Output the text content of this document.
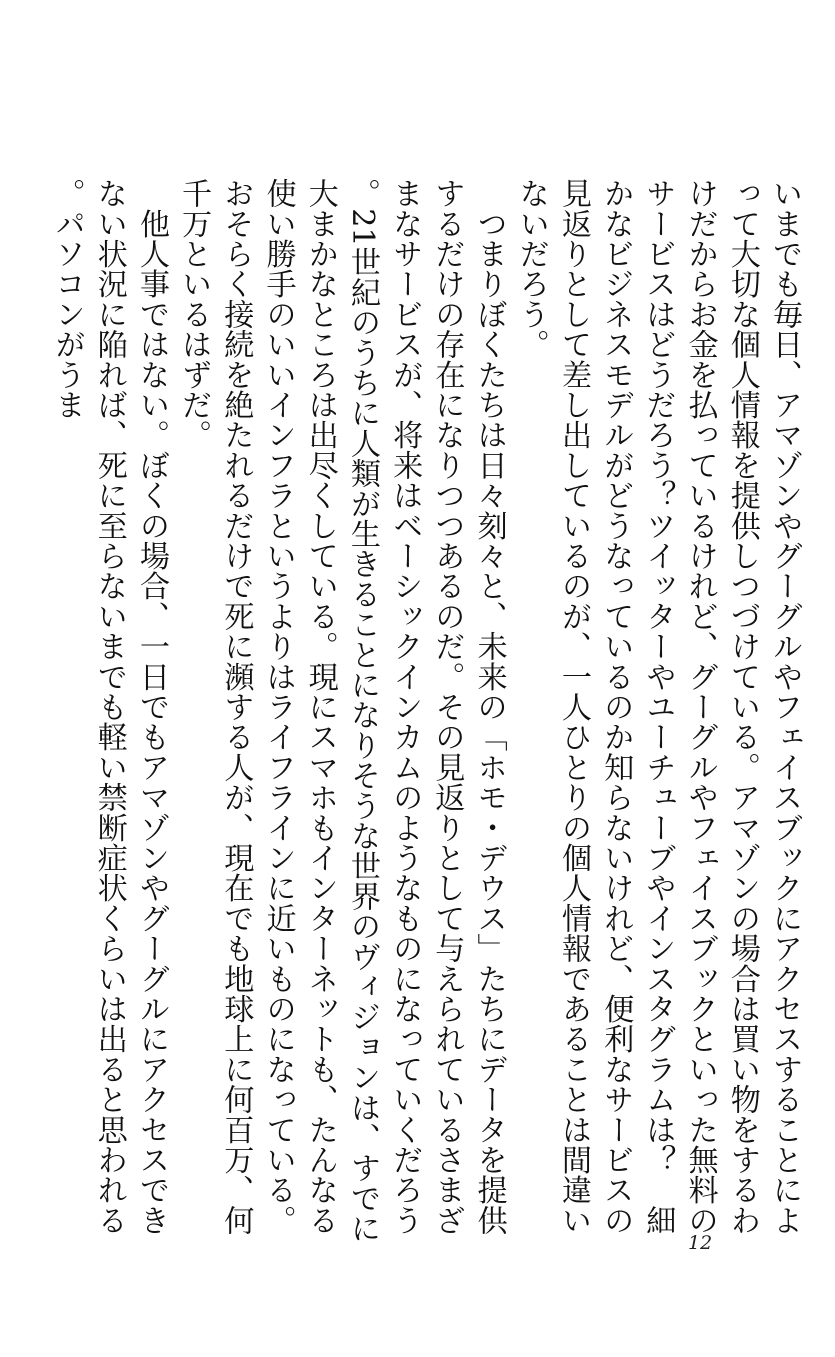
いまでも毎日、アマゾンやグーグルやフェイスブックにアクセスすることによって大切な個人情報を提供しつづけている。アマゾンの場合は買い物をするわけだからお金を払っているけれど、グーグルやフェイスブックといった無料のサービスはどうだろう？ツイッターやユーチューブやインスタグラムは？　細かなビジネスモデルがどうなっているのか知らないけれど、便利なサービスの見返りとして差し出しているのが、一人ひとりの個人情報であることは間違いないだろう。

　つまりぼくたちは日々刻々と、未来の「ホモ・デウス」たちにデータを提供するだけの存在になりつつあるのだ。その見返りとして与えられているさまざまなサービスが、将来はベーシックインカムのようなものになっていくだろう。21世紀のうちに人類が生きることになりそうな世界のヴィジョンは、すでに大まかなところは出尽くしている。現にスマホもインターネットも、たんなる使い勝手のいいインフラというよりはライフラインに近いものになっている。おそらく接続を絶たれるだけで死に瀕する人が、現在でも地球上に何百万、何千万といるはずだ。

　他人事ではない。ぼくの場合、一日でもアマゾンやグーグルにアクセスできない状況に陥れば、死に至らないまでも軽い禁断症状くらいは出ると思われる。パソコンがうま

12
